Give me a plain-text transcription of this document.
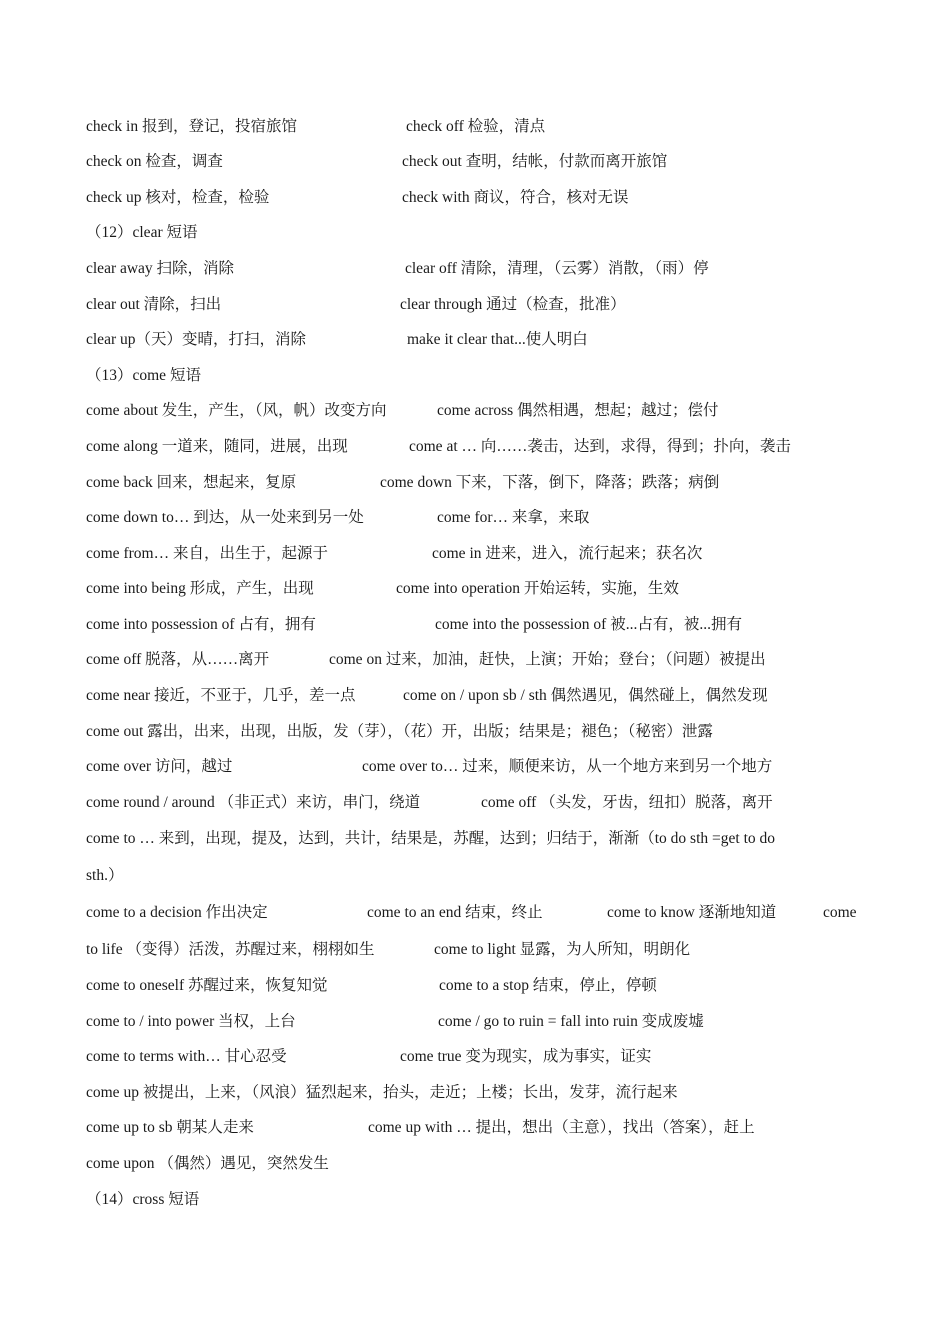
check in 报到，登记，投宿旅馆	check off 检验，清点
check on 检查，调查	check out 查明，结帐，付款而离开旅馆
check up 核对，检查，检验	check with 商议，符合，核对无误
（12）clear 短语
clear away 扫除，消除	clear off 清除，清理，（云雾）消散，（雨）停
clear out 清除，扫出	clear through 通过（检查，批准）
clear up（天）变晴，打扫，消除	make it clear that...使人明白
（13）come 短语
come about 发生，产生，（风，帆）改变方向	come across 偶然相遇，想起；越过；偿付
come along 一道来，随同，进展，出现	come at … 向……袭击，达到，求得，得到；扑向，袭击
come back 回来，想起来，复原	come down 下来，下落，倒下，降落；跌落；病倒
come down to… 到达，从一处来到另一处	come for… 来拿，来取
come from… 来自，出生于，起源于	come in 进来，进入，流行起来；获名次
come into being 形成，产生，出现	come into operation 开始运转，实施，生效
come into possession of 占有，拥有	come into the possession of 被...占有，被...拥有
come off 脱落，从……离开	come on 过来，加油，赶快，上演；开始；登台；（问题）被提出
come near 接近，不亚于，几乎，差一点	come on / upon sb / sth 偶然遇见，偶然碰上，偶然发现
come out 露出，出来，出现，出版，发（芽），（花）开，出版；结果是；褪色；（秘密）泄露
come over 访问，越过	come over to… 过来，顺便来访，从一个地方来到另一个地方
come round / around （非正式）来访，串门，绕道	come off （头发，牙齿，纽扣）脱落，离开
come to … 来到，出现，提及，达到，共计，结果是，苏醒，达到；归结于，渐渐（to do sth =get to do
sth.）
come to a decision 作出决定	come to an end 结束，终止	come to know 逐渐地知道	come
to life （变得）活泼，苏醒过来，栩栩如生	come to light 显露，为人所知，明朗化
come to oneself 苏醒过来，恢复知觉	come to a stop 结束，停止，停顿
come to / into power 当权，上台	come / go to ruin = fall into ruin 变成废墟
come to terms with… 甘心忍受	come true 变为现实，成为事实，证实
come up 被提出，上来，（风浪）猛烈起来，抬头，走近；上楼；长出，发芽，流行起来
come up to sb 朝某人走来	come up with … 提出，想出（主意），找出（答案），赶上
come upon （偶然）遇见，突然发生
（14）cross 短语
